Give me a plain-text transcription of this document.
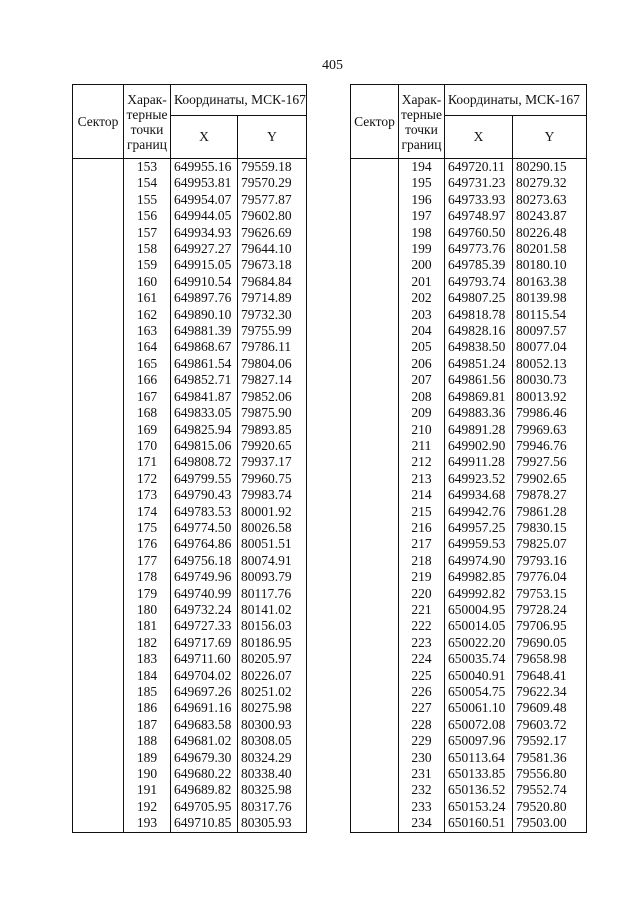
405
Сектор	Харак-
терные
точки
границ	Координаты, МСК-167	
		X	Y
	153	649955.16	79559.18
	154	649953.81	79570.29
	155	649954.07	79577.87
	156	649944.05	79602.80
	157	649934.93	79626.69
	158	649927.27	79644.10
	159	649915.05	79673.18
	160	649910.54	79684.84
	161	649897.76	79714.89
	162	649890.10	79732.30
	163	649881.39	79755.99
	164	649868.67	79786.11
	165	649861.54	79804.06
	166	649852.71	79827.14
	167	649841.87	79852.06
	168	649833.05	79875.90
	169	649825.94	79893.85
	170	649815.06	79920.65
	171	649808.72	79937.17
	172	649799.55	79960.75
	173	649790.43	79983.74
	174	649783.53	80001.92
	175	649774.50	80026.58
	176	649764.86	80051.51
	177	649756.18	80074.91
	178	649749.96	80093.79
	179	649740.99	80117.76
	180	649732.24	80141.02
	181	649727.33	80156.03
	182	649717.69	80186.95
	183	649711.60	80205.97
	184	649704.02	80226.07
	185	649697.26	80251.02
	186	649691.16	80275.98
	187	649683.58	80300.93
	188	649681.02	80308.05
	189	649679.30	80324.29
	190	649680.22	80338.40
	191	649689.82	80325.98
	192	649705.95	80317.76
	193	649710.85	80305.93
Сектор	Харак-
терные
точки
границ	Координаты, МСК-167	
		X	Y
	194	649720.11	80290.15
	195	649731.23	80279.32
	196	649733.93	80273.63
	197	649748.97	80243.87
	198	649760.50	80226.48
	199	649773.76	80201.58
	200	649785.39	80180.10
	201	649793.74	80163.38
	202	649807.25	80139.98
	203	649818.78	80115.54
	204	649828.16	80097.57
	205	649838.50	80077.04
	206	649851.24	80052.13
	207	649861.56	80030.73
	208	649869.81	80013.92
	209	649883.36	79986.46
	210	649891.28	79969.63
	211	649902.90	79946.76
	212	649911.28	79927.56
	213	649923.52	79902.65
	214	649934.68	79878.27
	215	649942.76	79861.28
	216	649957.25	79830.15
	217	649959.53	79825.07
	218	649974.90	79793.16
	219	649982.85	79776.04
	220	649992.82	79753.15
	221	650004.95	79728.24
	222	650014.05	79706.95
	223	650022.20	79690.05
	224	650035.74	79658.98
	225	650040.91	79648.41
	226	650054.75	79622.34
	227	650061.10	79609.48
	228	650072.08	79603.72
	229	650097.96	79592.17
	230	650113.64	79581.36
	231	650133.85	79556.80
	232	650136.52	79552.74
	233	650153.24	79520.80
	234	650160.51	79503.00
